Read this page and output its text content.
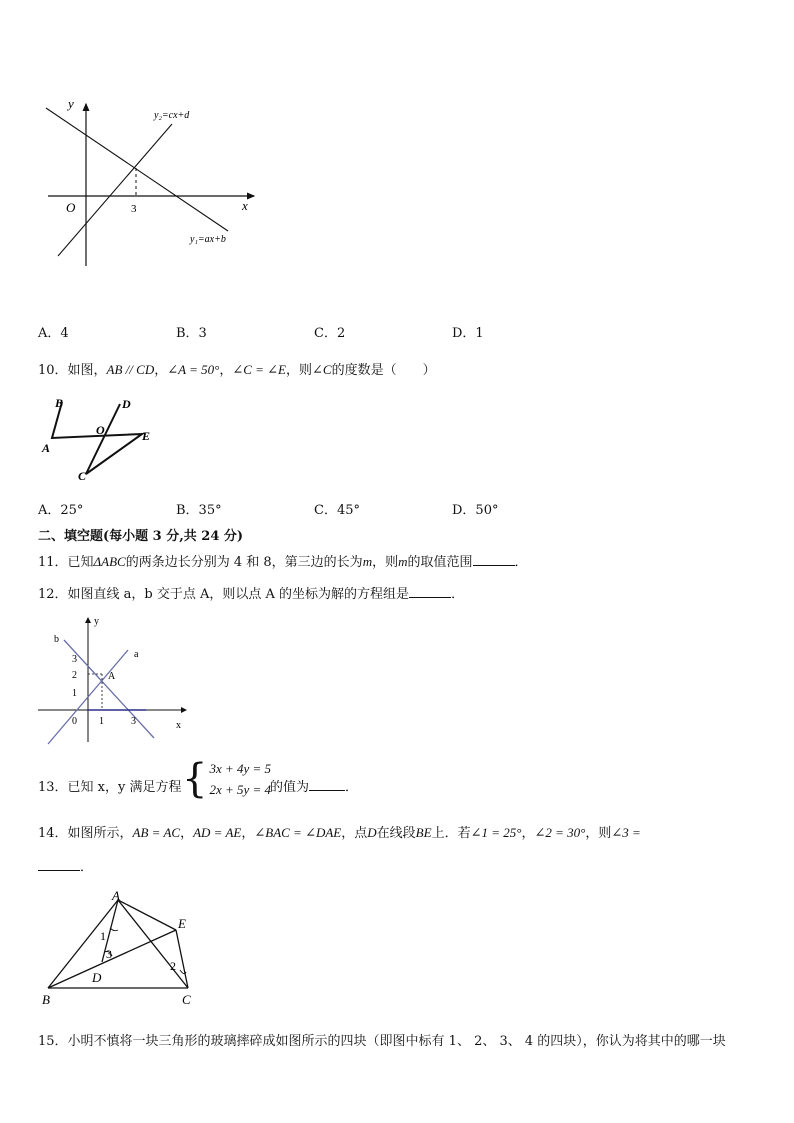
y
x
O	3
y₂=cx+d
y₁=ax+b
A．4	B．3	C．2	D．1
10．如图，AB // CD，∠A = 50°，∠C = ∠E，则∠C的度数是（　　）
B	D
O	E
A
C
A．25°	B．35°	C．45°	D．50°
二、填空题(每小题 3 分,共 24 分)
11．已知ΔABC的两条边长分别为 4 和 8，第三边的长为m，则m的取值范围	．
12．如图直线 a，b 交于点 A，则以点 A 的坐标为解的方程组是	．
b
a
y
x
A
0 1	3
1
2
3
13．已知 x，y 满足方程 { 3x + 4y = 5
2x + 5y = 4
的值为	．
14．如图所示，AB = AC，AD = AE，∠BAC = ∠DAE，点D在线段BE上．若∠1 = 25°，∠2 = 30°，则∠3 =
．
A
E
B	C
D
1
2
3
15．小明不慎将一块三角形的玻璃摔碎成如图所示的四块（即图中标有 1、 2、 3、 4 的四块），你认为将其中的哪一块
